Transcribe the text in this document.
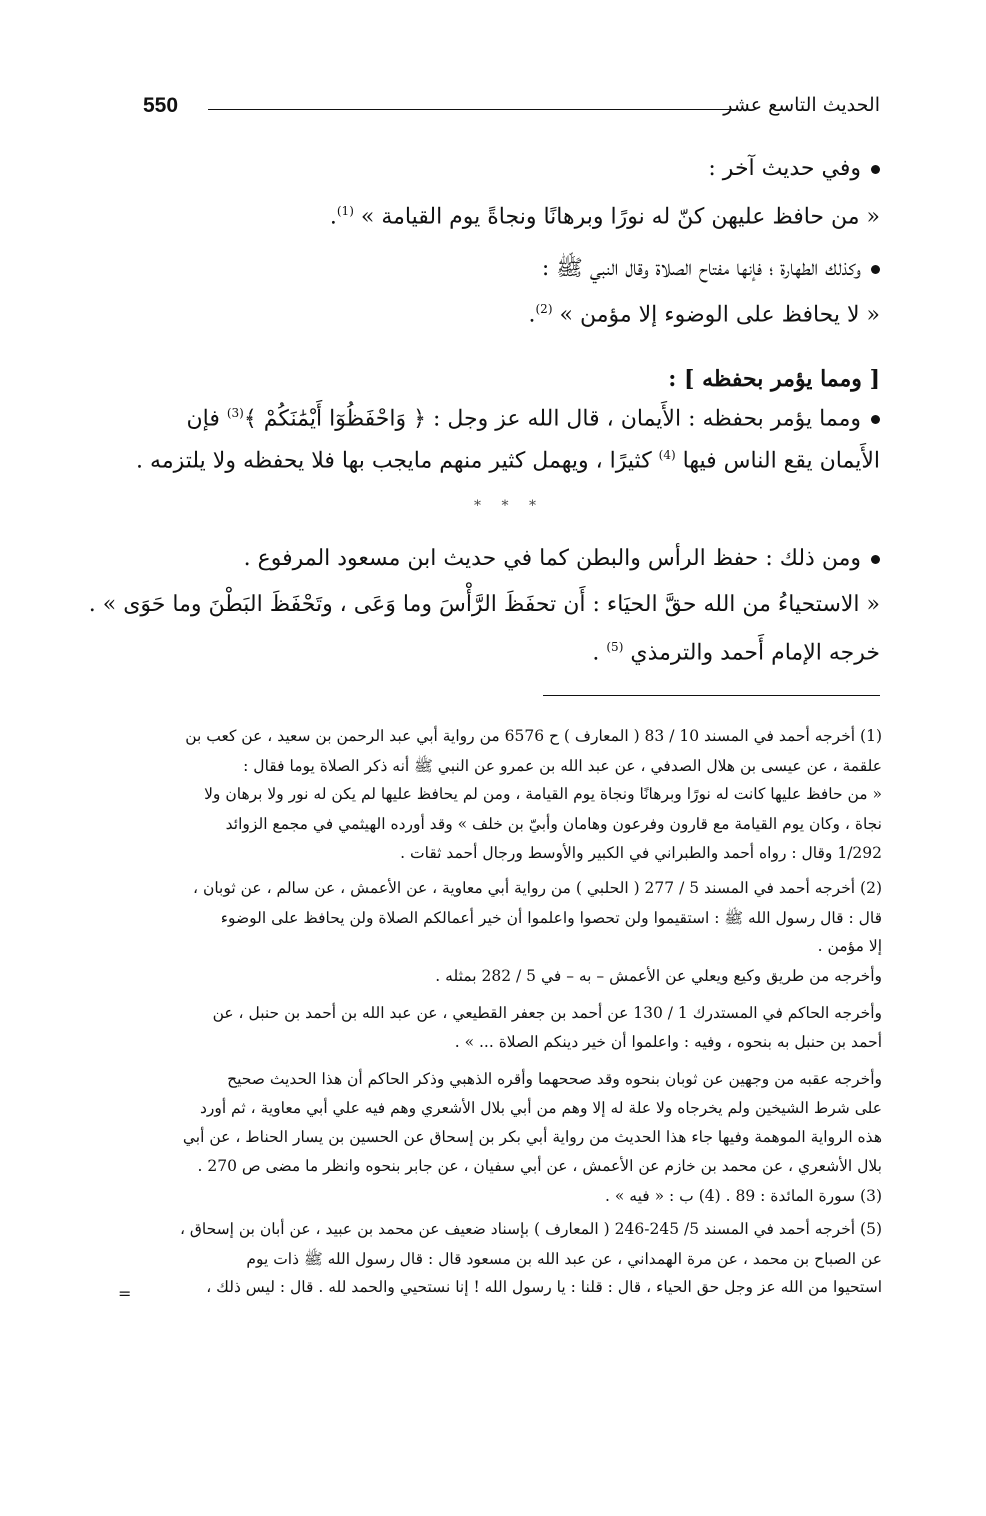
550	الحديث التاسع عشر
وفي حديث آخر :
« من حافظ عليهن كنّ له نورًا وبرهانًا ونجاةً يوم القيامة » $^{(1)}$.
وكذلك الطهارة ؛ فإنها مفتاح الصلاة وقال النبي ﷺ :
« لا يحافظ على الوضوء إلا مؤمن » $^{(2)}$.
[ ومما يؤمر بحفظه ] :
ومما يؤمر بحفظه : الأَيمان ، قال الله عز وجل : ﴿ وَاحْفَظُوٓا أَيْمَٰنَكُمْ ﴾$^{(3)}$ فإن
الأَيمان يقع الناس فيها $^{(4)}$ كثيرًا ، ويهمل كثير منهم مايجب بها فلا يحفظه ولا يلتزمه .
* * *
ومن ذلك : حفظ الرأس والبطن كما في حديث ابن مسعود المرفوع .
« الاستحياءُ من الله حقَّ الحيَاء : أَن تحفَظَ الرَّأْسَ وما وَعَى ، وتَحْفَظَ البَطْنَ وما حَوَى » .
خرجه الإمام أَحمد والترمذي $^{(5)}$ .
(1) أخرجه أحمد في المسند 10 / 83 ( المعارف ) ح 6576 من رواية أبي عبد الرحمن بن سعيد ، عن كعب بن
علقمة ، عن عيسى بن هلال الصدفي ، عن عبد الله بن عمرو عن النبي ﷺ أنه ذكر الصلاة يوما فقال :
« من حافظ عليها كانت له نورًا وبرهانًا ونجاة يوم القيامة ، ومن لم يحافظ عليها لم يكن له نور ولا برهان ولا
نجاة ، وكان يوم القيامة مع قارون وفرعون وهامان وأبيّ بن خلف » وقد أورده الهيثمي في مجمع الزوائد
1/292 وقال : رواه أحمد والطبراني في الكبير والأوسط ورجال أحمد ثقات .
(2) أخرجه أحمد في المسند 5 / 277 ( الحلبي ) من رواية أبي معاوية ، عن الأعمش ، عن سالم ، عن ثوبان ،
قال : قال رسول الله ﷺ : استقيموا ولن تحصوا واعلموا أن خير أعمالكم الصلاة ولن يحافظ على الوضوء
إلا مؤمن .
وأخرجه من طريق وكيع ويعلي عن الأعمش – به – في 5 / 282 بمثله .
وأخرجه الحاكم في المستدرك 1 / 130 عن أحمد بن جعفر القطيعي ، عن عبد الله بن أحمد بن حنبل ، عن
أحمد بن حنبل به بنحوه ، وفيه : واعلموا أن خير دينكم الصلاة ... » .
وأخرجه عقبه من وجهين عن ثوبان بنحوه وقد صححهما وأقره الذهبي وذكر الحاكم أن هذا الحديث صحيح
على شرط الشيخين ولم يخرجاه ولا علة له إلا وهم من أبي بلال الأشعري وهم فيه علي أبي معاوية ، ثم أورد
هذه الرواية الموهمة وفيها جاء هذا الحديث من رواية أبي بكر بن إسحاق عن الحسين بن يسار الحناط ، عن أبي
بلال الأشعري ، عن محمد بن خازم عن الأعمش ، عن أبي سفيان ، عن جابر بنحوه وانظر ما مضى ص 270 .
(3) سورة المائدة : 89 . (4) ب : « فيه » .
(5) أخرجه أحمد في المسند 5/ 245-246 ( المعارف ) بإسناد ضعيف عن محمد بن عبيد ، عن أبان بن إسحاق ،
عن الصباح بن محمد ، عن مرة الهمداني ، عن عبد الله بن مسعود قال : قال رسول الله ﷺ ذات يوم
استحيوا من الله عز وجل حق الحياء ، قال : قلنا : يا رسول الله ! إنا نستحيي والحمد لله . قال : ليس ذلك ،
=
